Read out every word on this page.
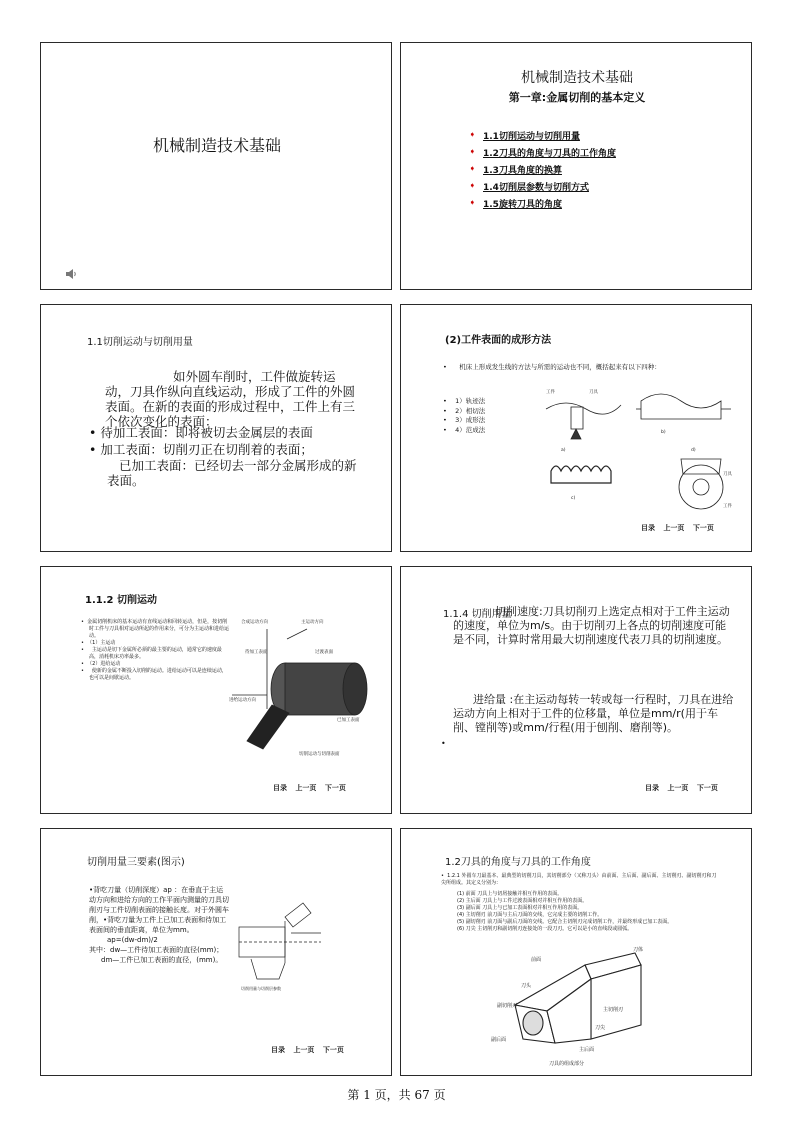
机械制造技术基础
机械制造技术基础
第一章:金属切削的基本定义
➧ 1.1切削运动与切削用量
➧ 1.2刀具的角度与刀具的工作角度
➧ 1.3刀具角度的换算
➧ 1.4切削层参数与切削方式
➧ 1.5旋转刀具的角度
1.1切削运动与切削用量
如外圆车削时，工件做旋转运动，刀具作纵向直线运动，形成了工件的外圆表面。在新的表面的形成过程中，工件上有三个依次变化的表面：
• 待加工表面：即将被切去金属层的表面
• 加工表面：切削刃正在切削着的表面；
已加工表面：已经切去一部分金属形成的新表面。
(2)工件表面的成形方法
•      机床上形成发生线的方法与所需的运动也不同，概括起来有以下四种：
•    1）轨迹法
•    2）相切法
•    3）成形法
•    4）范成法
工件	刀具
a)
b)
c)
d)
刀具
工件
目录 上一页 下一页
1.1.2 切削运动
•  金属切削机床的基本运动有直线运动和回转运动，但是，按切削时工件与刀具相对运动所起的作用来分，可分为主运动和进给运动。
•  （1）主运动
•     主运动是切下金属所必须的最主要的运动，通常它的速度最高，消耗机床功率最多。
•  （2）进给运动
•     使新的金属不断投入切削的运动。进给运动可以是连续运动，也可以是间歇运动。
合成运动方向	主运动方向
待加工表面	过渡表面
进给运动方向
已加工表面
切削运动与切削表面
目录 上一页 下一页
1.1.4 切削用量
切削速度:刀具切削刃上选定点相对于工件主运动的速度，单位为m/s。由于切削刃上各点的切削速度可能是不同，计算时常用最大切削速度代表刀具的切削速度。
进给量 :在主运动每转一转或每一行程时，刀具在进给运动方向上相对于工件的位移量，单位是mm/r(用于车削、镗削等)或mm/行程(用于刨削、磨削等)。
•
目录 上一页 下一页
切削用量三要素(图示)
•背吃刀量（切削深度）ap ：在垂直于主运动方向和进给方向的工作平面内测量的刀具切削刃与工件切削表面的接触长度。对于外圆车削，•背吃刀量为工件上已加工表面和待加工表面间的垂直距离，单位为mm。
ap=(dw-dm)/2
其中：dw—工件待加工表面的直径(mm)；
dm—工件已加工表面的直径，(mm)。
切削用量与切削层参数
目录 上一页 下一页
1.2刀具的角度与刀具的工作角度
•  1.2.1 外圆车刀最基本、最典型的切削刀具，其切削部分（又称刀头）由前面、主后面、副后面、主切削刃、副切削刃和刀尖所组成。其定义分别为：
(1) 前面 刀具上与切屑接触并相互作用的表面。
(2) 主后面 刀具上与工件过渡表面相对并相互作用的表面。
(3) 副后面 刀具上与已加工表面相对并相互作用的表面。
(4) 主切削刃 前刀面与主后刀面的交线，它完成主要的切削工作。
(5) 副切削刃 前刀面与副后刀面的交线。它配合主切削刃完成切削工作，并最终形成已加工表面。
(6) 刀尖 主切削刃和副切削刃连接处的一段刀刃。它可以是小的直线段或圆弧。
刀体
前面
刀头
副切削刃
主切削刃
刀尖
副后面
主后面
刀具的组成部分
第 1 页，共 67 页
